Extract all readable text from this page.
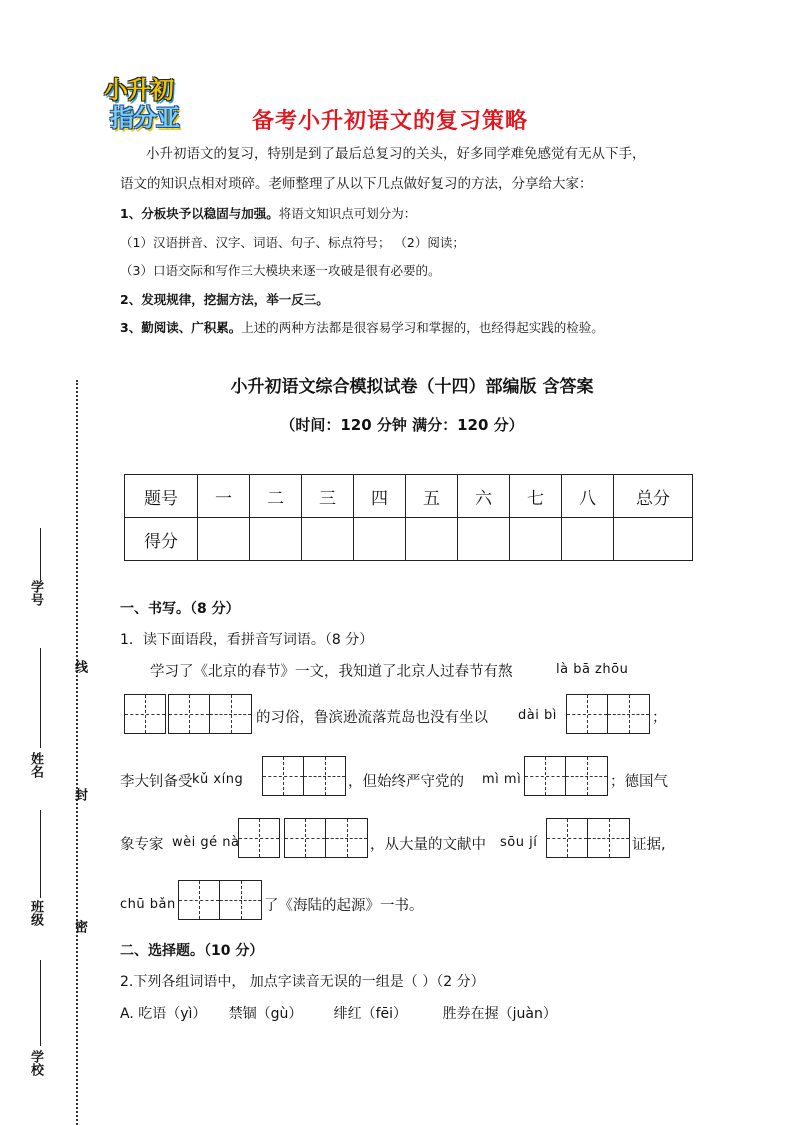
小升初
指分亚	备考小升初语文的复习策略
小升初语文的复习，特别是到了最后总复习的关头，好多同学难免感觉有无从下手，
语文的知识点相对琐碎。老师整理了从以下几点做好复习的方法，分享给大家：
1、分板块予以稳固与加强。将语文知识点可划分为：
（1）汉语拼音、汉字、词语、句子、标点符号； （2）阅读；
（3）口语交际和写作三大模块来逐一攻破是很有必要的。
2、发现规律，挖掘方法，举一反三。
3、勤阅读、广积累。上述的两种方法都是很容易学习和掌握的，也经得起实践的检验。
小升初语文综合模拟试卷（十四）部编版 含答案
（时间：120 分钟 满分：120 分）
题号	一	二	三	四	五	六	七	八	总分
得分									
一、书写。（8 分）
1．读下面语段，看拼音写词语。（8 分）
学习了《北京的春节》一文，我知道了北京人过春节有熬	là bā zhōu
的习俗，鲁滨逊流落荒岛也没有坐以 dài bì	；
李大钊备受 kǔ xíng	，但始终严守党的 mì mì	；德国气
象专家 wèi gé nà	，从大量的文献中 sōu jí	证据,
chū bǎn	了《海陆的起源》一书。
二、选择题。（10 分）
2.下列各组词语中， 加点字读音无误的一组是（ ）（2 分）
A. 吃语（yì）     禁锢（gù）       绯红（fēi）        胜券在握（juàn）
学号
线
姓名
封
班级
密
学校
